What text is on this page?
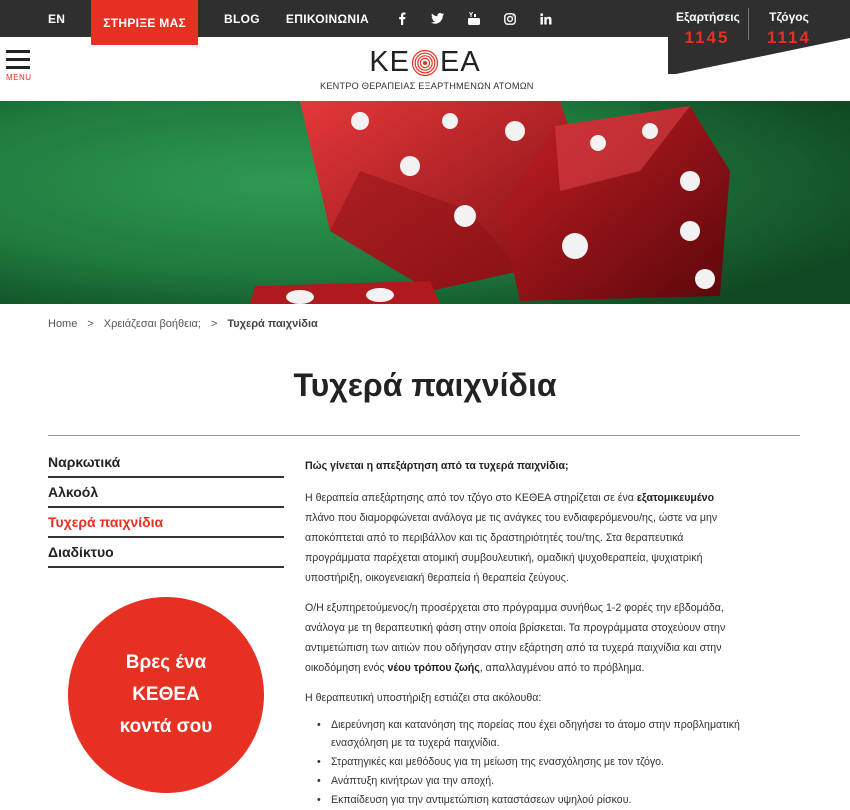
EN	ΣΤΗΡΙΞΕ ΜΑΣ	BLOG ΕΠΙΚΟΙΝΩΝΙΑ	Εξαρτήσεις
1145
Τζόγος
1114
MENU	ΚΕ ΕΑ
ΚΕΝΤΡΟ ΘΕΡΑΠΕΙΑΣ ΕΞΑΡΤΗΜΕΝΩΝ ΑΤΟΜΩΝ
Home > Χρειάζεσαι βοήθεια; > Τυχερά παιχνίδια
Τυχερά παιχνίδια
Ναρκωτικά
Αλκοόλ
Τυχερά παιχνίδια
Διαδίκτυο
Βρες ένα
ΚΕΘΕΑ
κοντά σου

Πώς γίνεται η απεξάρτηση από τα τυχερά παιχνίδια;

Η θεραπεία απεξάρτησης από τον τζόγο στο ΚΕΘΕΑ στηρίζεται σε ένα εξατομικευμένο πλάνο που διαμορφώνεται ανάλογα με τις ανάγκες του ενδιαφερόμενου/ης, ώστε να μην αποκόπτεται από το περιβάλλον και τις δραστηριότητές του/της. Στα θεραπευτικά προγράμματα παρέχεται ατομική συμβουλευτική, ομαδική ψυχοθεραπεία, ψυχιατρική υποστήριξη, οικογενειακή θεραπεία ή θεραπεία ζεύγους.

Ο/Η εξυπηρετούμενος/η προσέρχεται στο πρόγραμμα συνήθως 1-2 φορές την εβδομάδα, ανάλογα με τη θεραπευτική φάση στην οποία βρίσκεται. Τα προγράμματα στοχεύουν στην αντιμετώπιση των αιτιών που οδήγησαν στην εξάρτηση από τα τυχερά παιχνίδια και στην οικοδόμηση ενός νέου τρόπου ζωής, απαλλαγμένου από το πρόβλημα.

Η θεραπευτική υποστήριξη εστιάζει στα ακόλουθα:

• Διερεύνηση και κατανόηση της πορείας που έχει οδηγήσει το άτομο στην προβληματική ενασχόληση με τα τυχερά παιχνίδια.
• Στρατηγικές και μεθόδους για τη μείωση της ενασχόλησης με τον τζόγο.
• Ανάπτυξη κινήτρων για την αποχή.
• Εκπαίδευση για την αντιμετώπιση καταστάσεων υψηλού ρίσκου.
